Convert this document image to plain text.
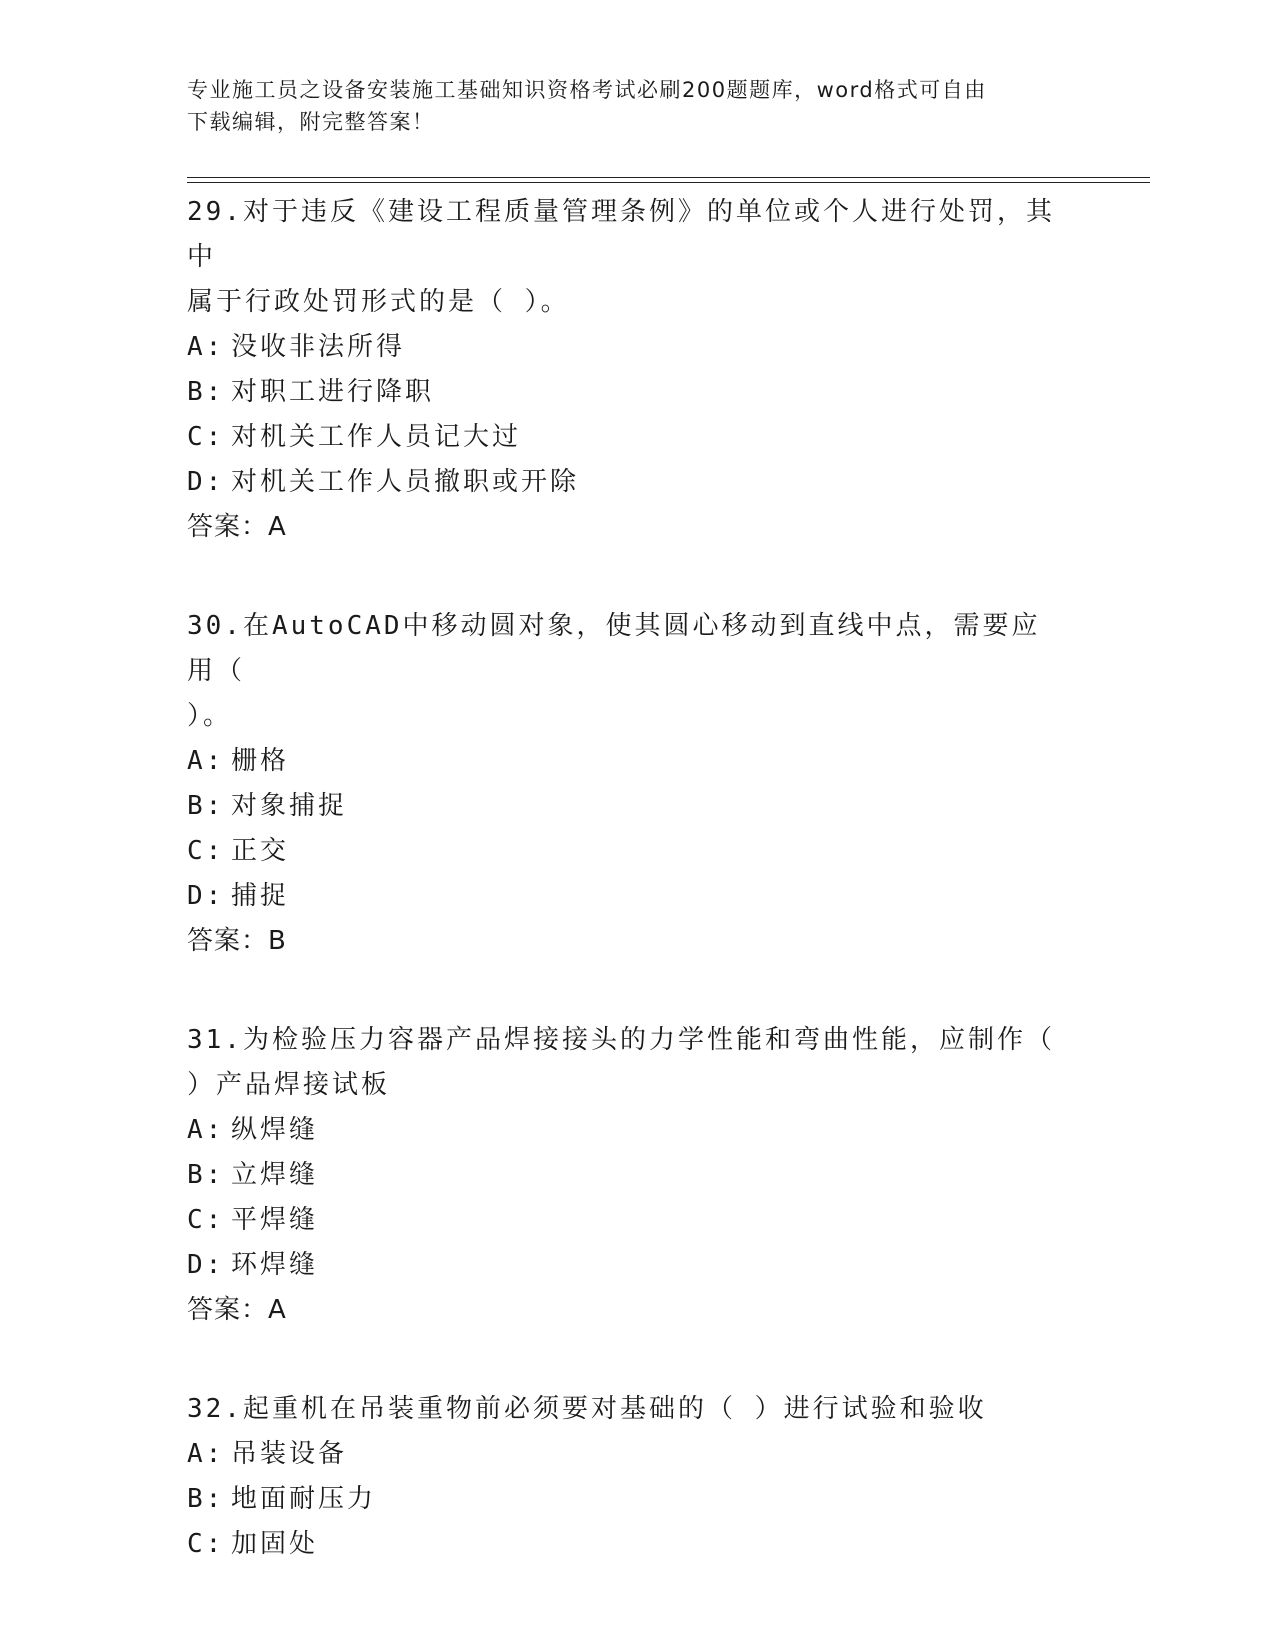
专业施工员之设备安装施工基础知识资格考试必刷200题题库，word格式可自由
下载编辑，附完整答案！

29.对于违反《建设工程质量管理条例》的单位或个人进行处罚，其中
属于行政处罚形式的是（ ）。

A: 没收非法所得

B: 对职工进行降职

C: 对机关工作人员记大过

D: 对机关工作人员撤职或开除

答案：A

30.在AutoCAD中移动圆对象，使其圆心移动到直线中点，需要应用（
）。

A: 栅格

B: 对象捕捉

C: 正交

D: 捕捉

答案：B

31.为检验压力容器产品焊接接头的力学性能和弯曲性能，应制作（
）产品焊接试板

A: 纵焊缝

B: 立焊缝

C: 平焊缝

D: 环焊缝

答案：A

32.起重机在吊装重物前必须要对基础的（ ）进行试验和验收

A: 吊装设备

B: 地面耐压力

C: 加固处
